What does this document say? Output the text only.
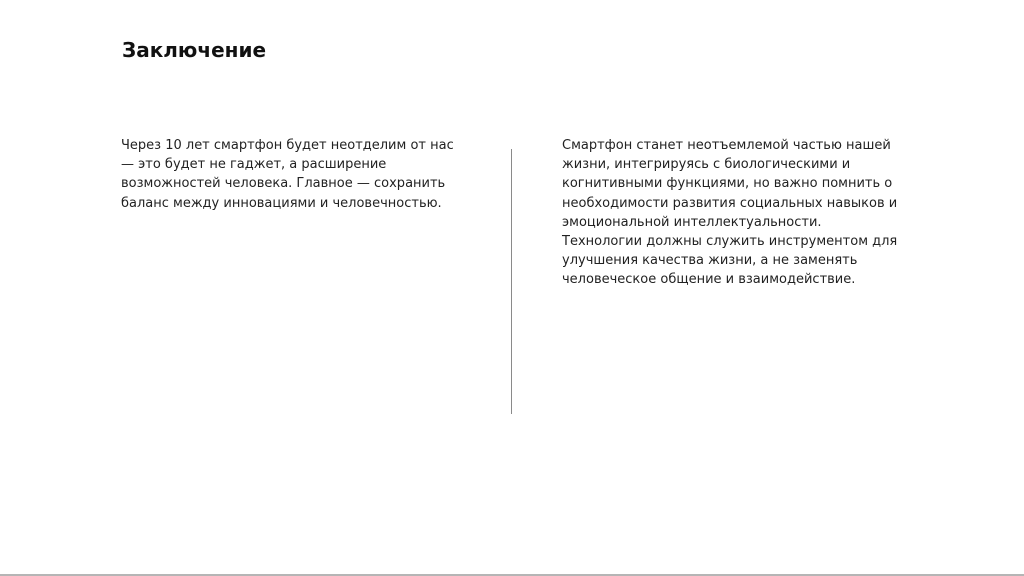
Заключение

Через 10 лет смартфон будет неотделим от нас — это будет не гаджет, а расширение возможностей человека. Главное — сохранить баланс между инновациями и человечностью.

Смартфон станет неотъемлемой частью нашей жизни, интегрируясь с биологическими и когнитивными функциями, но важно помнить о необходимости развития социальных навыков и эмоциональной интеллектуальности. Технологии должны служить инструментом для улучшения качества жизни, а не заменять человеческое общение и взаимодействие.
